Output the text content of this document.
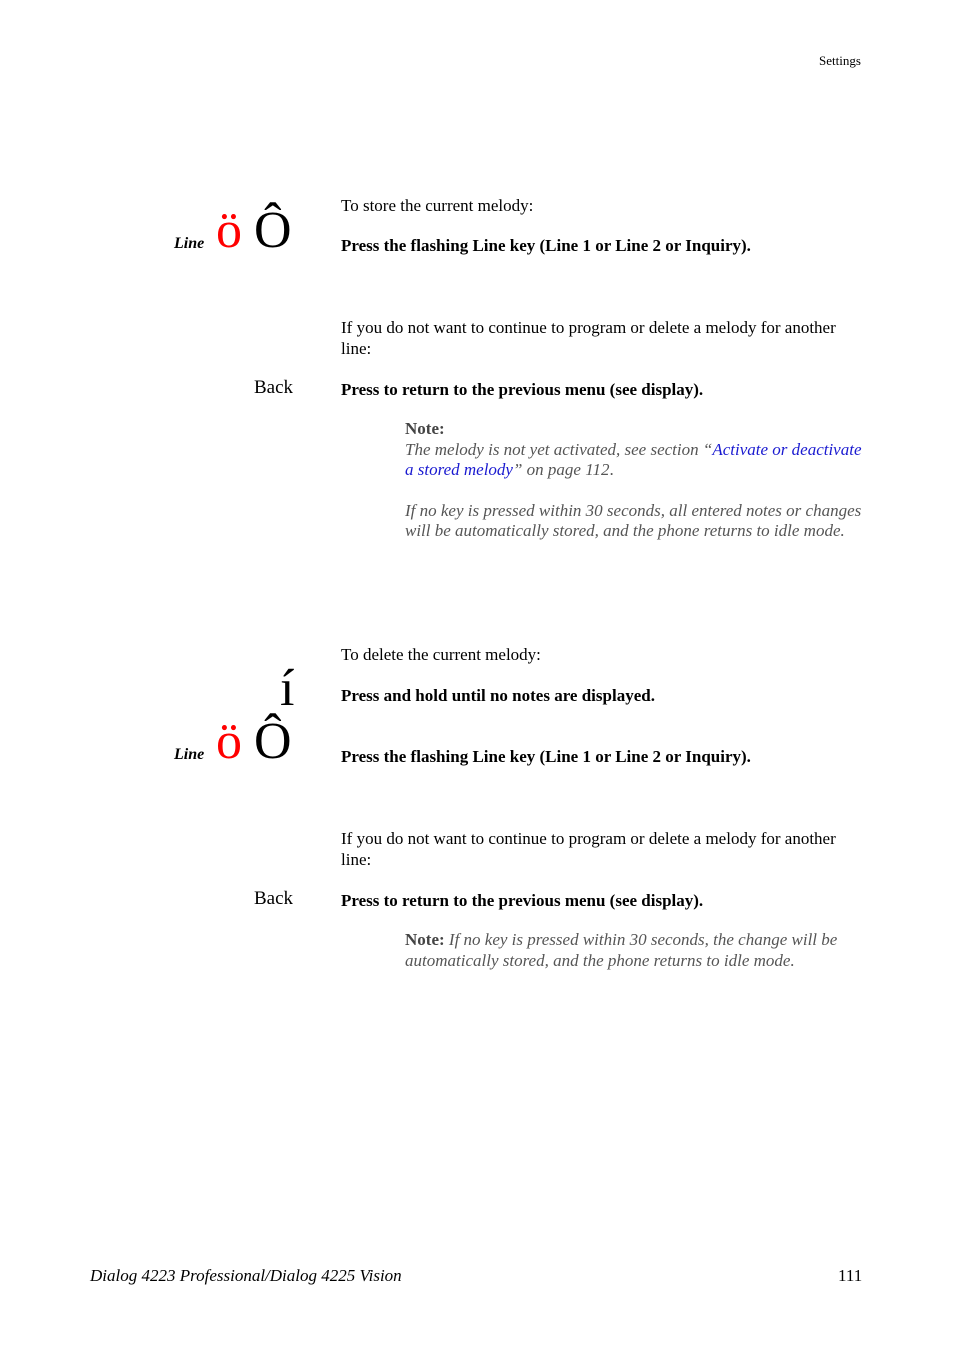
Settings
To store the current melody:
Line ö Ô	Press the flashing Line key (Line 1 or Line 2 or Inquiry).
If you do not want to continue to program or delete a melody for another line:
Back	Press to return to the previous menu (see display).
Note:
The melody is not yet activated, see section “Activate or deactivate a stored melody” on page 112.
If no key is pressed within 30 seconds, all entered notes or changes will be automatically stored, and the phone returns to idle mode.
To delete the current melody:
í	Press and hold until no notes are displayed.
Line ö Ô	Press the flashing Line key (Line 1 or Line 2 or Inquiry).
If you do not want to continue to program or delete a melody for another line:
Back	Press to return to the previous menu (see display).
Note: If no key is pressed within 30 seconds, the change will be automatically stored, and the phone returns to idle mode.
Dialog 4223 Professional/Dialog 4225 Vision	111
